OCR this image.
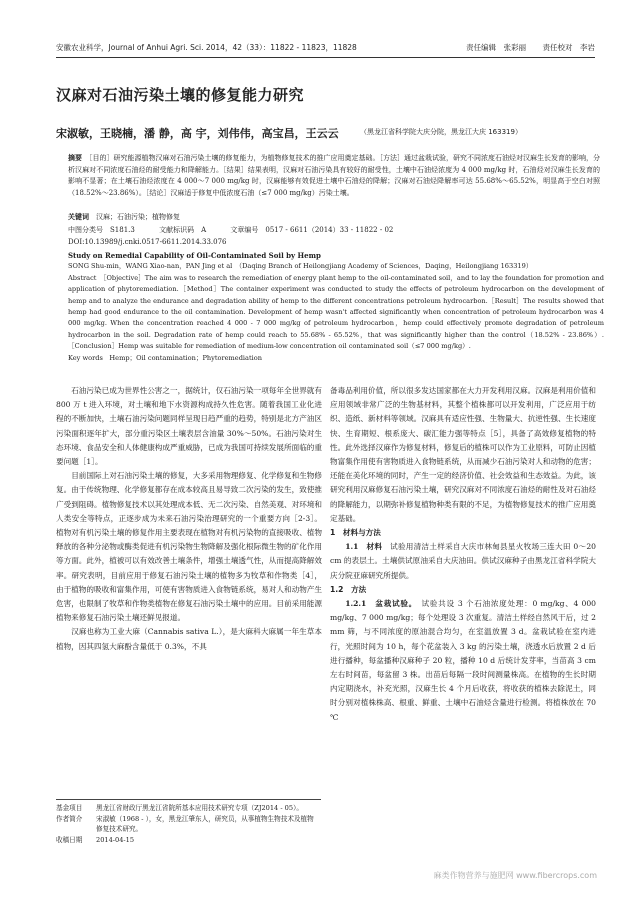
安徽农业科学，Journal of Anhui Agri. Sci. 2014，42（33）：11822 - 11823，11828	责任编辑　张彩丽 责任校对　李岩
汉麻对石油污染土壤的修复能力研究
宋淑敏，王晓楠，潘 静，高 宇，刘伟伟，高宝昌，王云云	（黑龙江省科学院大庆分院，黑龙江大庆 163319）
摘要　 ［目的］研究能源植物汉麻对石油污染土壤的修复能力，为植物修复技术的推广应用奠定基础。［方法］通过盆栽试验，研究不同浓度石油烃对汉麻生长发育的影响，分析汉麻对不同浓度石油烃的耐受能力和降解能力。［结果］结果表明，汉麻对石油污染具有较好的耐受性，土壤中石油烃浓度为 4 000 mg/kg 时，石油烃对汉麻生长发育的影响不显著；在土壤石油烃浓度在 4 000～7 000 mg/kg 时，汉麻能够有效促进土壤中石油烃的降解；汉麻对石油烃降解率可达 55.68%～65.52%，明显高于空白对照（18.52%～23.86%）。［结论］汉麻适于修复中低浓度石油（≤7 000 mg/kg）污染土壤。
关键词　 汉麻；石油污染；植物修复
中图分类号　S181.3	文献标识码　A	文章编号　0517 - 6611（2014）33 - 11822 - 02
DOI:10.13989/j.cnki.0517-6611.2014.33.076
Study on Remedial Capability of Oil-Contaminated Soil by Hemp
SONG Shu-min，WANG Xiao-nan，PAN Jing et al　（Daqing Branch of Heilongjiang Academy of Sciences，Daqing，Heilongjiang 163319）
Abstract　［Objective］The aim was to research the remediation of energy plant hemp to the oil-contaminated soil，and to lay the foundation for promotion and application of phytoremediation.［Method］The container experiment was conducted to study the effects of petroleum hydrocarbon on the development of hemp and to analyze the endurance and degradation ability of hemp to the different concentrations petroleum hydrocarbon.［Result］The results showed that hemp had good endurance to the oil contamination. Development of hemp wasn't affected significantly when concentration of petroleum hydrocarbon was 4 000 mg/kg. When the concentration reached 4 000 - 7 000 mg/kg of petroleum hydrocarbon，hemp could effectively promote degradation of petroleum hydrocarbon in the soil. Degradation rate of hemp could reach to 55.68% - 65.52%，that was significantly higher than the control（18.52% - 23.86%）.［Conclusion］Hemp was suitable for remediation of medium-low concentration oil contaminated soil（≤7 000 mg/kg）.
Key words　Hemp；Oil contamination；Phytoremediation

石油污染已成为世界性公害之一，据统计，仅石油污染一项每年全世界就有 800 万 t 进入环境，对土壤和地下水资源构成持久性危害。随着我国工业化进程的不断加快，土壤石油污染问题同样呈现日趋严重的趋势，特别是北方产油区污染面积逐年扩大，部分重污染区土壤表层含油量 30%～50%。石油污染对生态环境、食品安全和人体健康构成严重威胁，已成为我国可持续发展所面临的重要问题［1］。

目前国际上对石油污染土壤的修复，大多采用物理修复、化学修复和生物修复。由于传统物理、化学修复都存在成本较高且易导致二次污染的发生，致使推广受到阻碍。植物修复技术以其处理成本低、无二次污染、自然美观、对环境和人类安全等特点，正逐步成为未来石油污染治理研究的一个重要方向［2-3］。植物对有机污染土壤的修复作用主要表现在植物对有机污染物的直接吸收、植物释放的各种分泌物或酶类促进有机污染物生物降解及强化根际微生物的矿化作用等方面。此外，植被可以有效改善土壤条件，增强土壤透气性，从而提高降解效率。研究表明，目前应用于修复石油污染土壤的植物多为牧草和作物类［4］，由于植物的吸收和富集作用，可使有害物质进入食物链系统，易对人和动物产生危害，也限制了牧草和作物类植物在修复石油污染土壤中的应用。目前采用能源植物来修复石油污染土壤还鲜见报道。

汉麻也称为工业大麻（Cannabis sativa L.），是大麻科大麻属一年生草本植物，因其四氢大麻酚含量低于 0.3%，不具

备毒品利用价值，所以很多发达国家都在大力开发利用汉麻。汉麻是利用价值和应用领域非常广泛的生物基材料，其整个植株都可以开发利用，广泛应用于纺织、造纸、新材料等领域。汉麻具有适应性强、生物量大、抗逆性强、生长速度快、生育期短、根系庞大、碳汇能力强等特点［5］，具备了高效修复植物的特性。此外选择汉麻作为修复材料，修复后的植株可以作为工业原料，可防止因植物富集作用使有害物质进入食物链系统，从而减少石油污染对人和动物的危害；还能在美化环境的同时，产生一定的经济价值、社会效益和生态效益。为此，该研究利用汉麻修复石油污染土壤，研究汉麻对不同浓度石油烃的耐性及对石油烃的降解能力，以期弥补修复植物种类有限的不足，为植物修复技术的推广应用奠定基础。

1　材料与方法

1.1　材料　 试验用清洁土样采自大庆市林甸县星火牧场三连大田 0～20 cm 的表层土。土壤供试原油采自大庆油田。供试汉麻种子由黑龙江省科学院大庆分院亚麻研究所提供。

1.2　方法

1.2.1　盆栽试验。　 试验共设 3 个石油浓度处理：0 mg/kg、4 000 mg/kg、7 000 mg/kg；每个处理设 3 次重复。清洁土样经自然风干后，过 2 mm 筛，与不同浓度的原油混合均匀，在室温放置 3 d。盆栽试验在室内进行，光照时间为 10 h，每个花盆装入 3 kg 的污染土壤，浇透水后放置 2 d 后进行播种，每盆播种汉麻种子 20 粒，播种 10 d 后统计发芽率，当苗高 3 cm 左右时间苗，每盆留 3 株。出苗后每隔一段时间测量株高。在植物的生长时期内定期浇水，补充光照，汉麻生长 4 个月后收获，将收获的植株去除泥土，同时分别对植株株高、根重、鲜重、土壤中石油烃含量进行检测。将植株放在 70 ℃

基金项目 黑龙江省财政厅黑龙江省院所基本应用技术研究专项（ZJ2014 - 05）。
作者简介 宋淑敏（1968 - ），女，黑龙江肇东人，研究员，从事植物生物技术及植物修复技术研究。
收稿日期 2014-04-15
麻类作物营养与施肥网 www.fibercrops.com
